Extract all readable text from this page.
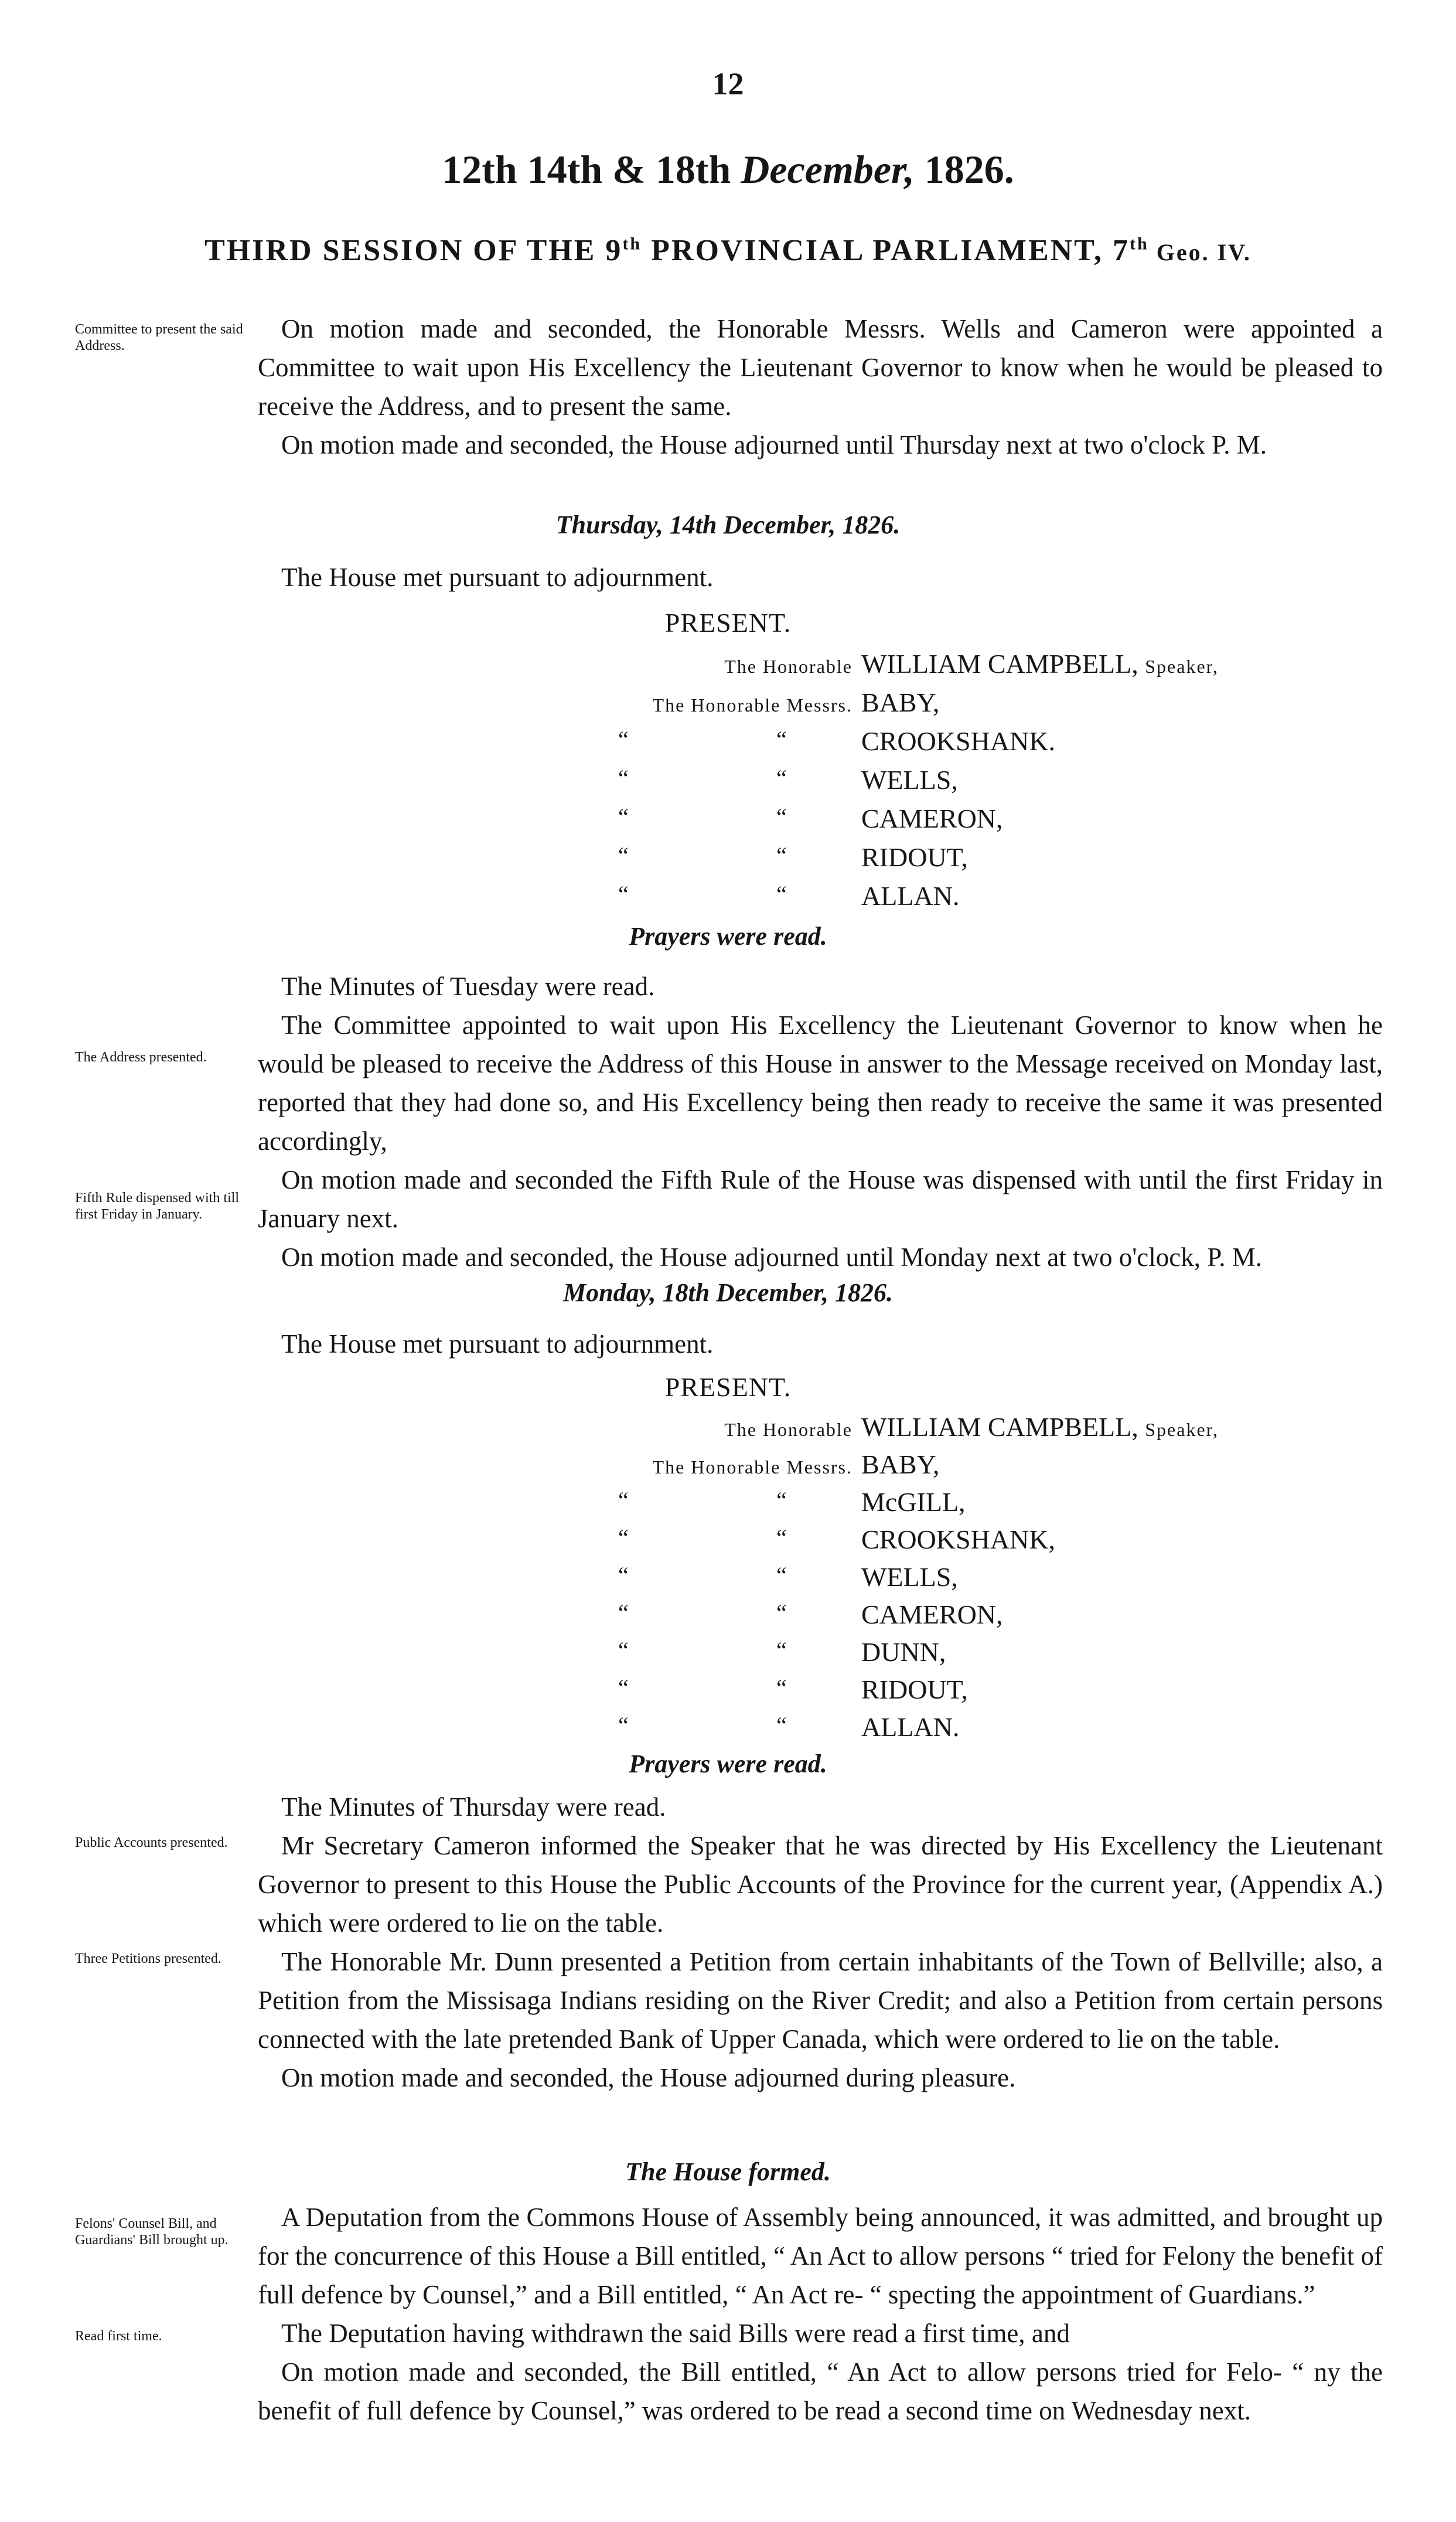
12
12th 14th & 18th December, 1826.
THIRD SESSION OF THE 9th PROVINCIAL PARLIAMENT, 7th Geo. IV.
Committee to present the said Address.
The Address presented.
Fifth Rule dispensed with till first Friday in January.
Public Accounts presented.
Three Petitions presented.
Felons' Counsel Bill, and Guardians' Bill brought up.
Read first time.

On motion made and seconded, the Honorable Messrs. Wells and Cameron were appointed a Committee to wait upon His Excellency the Lieutenant Governor to know when he would be pleased to receive the Address, and to present the same.

On motion made and seconded, the House adjourned until Thursday next at two o'clock P. M.

Thursday, 14th December, 1826.

The House met pursuant to adjournment.

PRESENT.
The Honorable WILLIAM CAMPBELL, Speaker,
The Honorable Messrs. BABY,
“	“	CROOKSHANK.
“	“	WELLS,
“	“	CAMERON,
“	“	RIDOUT,
“	“	ALLAN.
Prayers were read.

The Minutes of Tuesday were read.

The Committee appointed to wait upon His Excellency the Lieutenant Governor to know when he would be pleased to receive the Address of this House in answer to the Message received on Monday last, reported that they had done so, and His Excellency being then ready to receive the same it was presented accordingly,

On motion made and seconded the Fifth Rule of the House was dispensed with until the first Friday in January next.

On motion made and seconded, the House adjourned until Monday next at two o'clock, P. M.

Monday, 18th December, 1826.

The House met pursuant to adjournment.

PRESENT.
The Honorable WILLIAM CAMPBELL, Speaker,
The Honorable Messrs. BABY,
“	“	McGILL,
“	“	CROOKSHANK,
“	“	WELLS,
“	“	CAMERON,
“	“	DUNN,
“	“	RIDOUT,
“	“	ALLAN.
Prayers were read.

The Minutes of Thursday were read.

Mr Secretary Cameron informed the Speaker that he was directed by His Excellency the Lieutenant Governor to present to this House the Public Accounts of the Province for the current year, (Appendix A.) which were ordered to lie on the table.

The Honorable Mr. Dunn presented a Petition from certain inhabitants of the Town of Bellville; also, a Petition from the Missisaga Indians residing on the River Credit; and also a Petition from certain persons connected with the late pretended Bank of Upper Canada, which were ordered to lie on the table.

On motion made and seconded, the House adjourned during pleasure.

The House formed.

A Deputation from the Commons House of Assembly being announced, it was admitted, and brought up for the concurrence of this House a Bill entitled, “ An Act to allow persons “ tried for Felony the benefit of full defence by Counsel,” and a Bill entitled, “ An Act re- “ specting the appointment of Guardians.”

The Deputation having withdrawn the said Bills were read a first time, and

On motion made and seconded, the Bill entitled, “ An Act to allow persons tried for Felo- “ ny the benefit of full defence by Counsel,” was ordered to be read a second time on Wednesday next.
